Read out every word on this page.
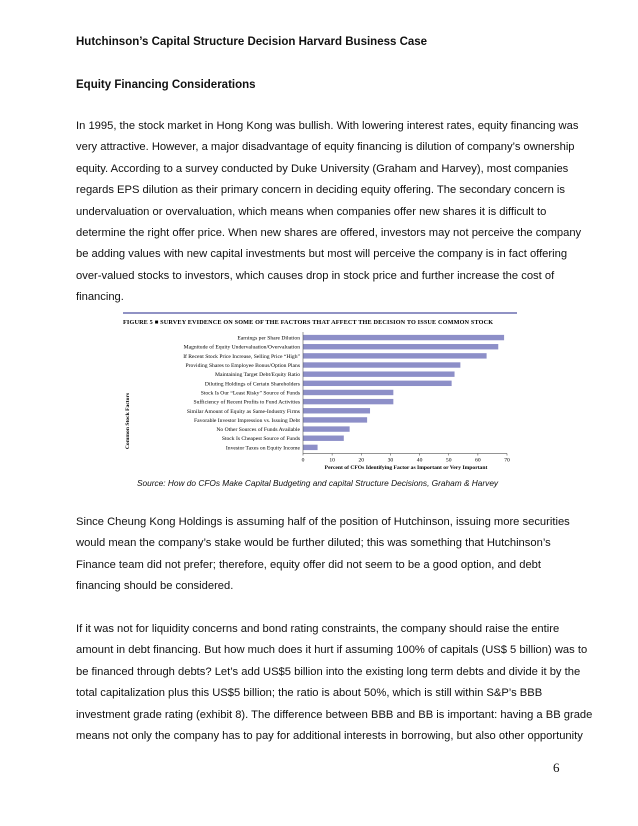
Hutchinson’s Capital Structure Decision Harvard Business Case
Equity Financing Considerations
In 1995, the stock market in Hong Kong was bullish. With lowering interest rates, equity financing was
very attractive. However, a major disadvantage of equity financing is dilution of company’s ownership
equity. According to a survey conducted by Duke University (Graham and Harvey), most companies
regards EPS dilution as their primary concern in deciding equity offering. The secondary concern is
undervaluation or overvaluation, which means when companies offer new shares it is difficult to
determine the right offer price. When new shares are offered, investors may not perceive the company
be adding values with new capital investments but most will perceive the company is in fact offering
over-valued stocks to investors, which causes drop in stock price and further increase the cost of
financing.
FIGURE 5 ■ SURVEY EVIDENCE ON SOME OF THE FACTORS THAT AFFECT THE DECISION TO ISSUE COMMON STOCK
Common Stock Factors
Percent of CFOs Identifying Factor as Important or Very Important
Earnings per Share Dilution
Magnitude of Equity Undervaluation/Overvaluation
If Recent Stock Price Increase, Selling Price “High”
Providing Shares to Employee Bonus/Option Plans
Maintaining Target Debt/Equity Ratio
Diluting Holdings of Certain Shareholders
Stock Is Our “Least Risky” Source of Funds
Sufficiency of Recent Profits to Fund Activities
Similar Amount of Equity as Same-Industry Firms
Favorable Investor Impression vs. Issuing Debt
No Other Sources of Funds Available
Stock Is Cheapest Source of Funds
Investor Taxes on Equity Income
0	10	20	30	40	50	60	70
Source: How do CFOs Make Capital Budgeting and capital Structure Decisions, Graham & Harvey
Since Cheung Kong Holdings is assuming half of the position of Hutchinson, issuing more securities
would mean the company’s stake would be further diluted; this was something that Hutchinson’s
Finance team did not prefer; therefore, equity offer did not seem to be a good option, and debt
financing should be considered.
If it was not for liquidity concerns and bond rating constraints, the company should raise the entire
amount in debt financing. But how much does it hurt if assuming 100% of capitals (US$ 5 billion) was to
be financed through debts? Let’s add US$5 billion into the existing long term debts and divide it by the
total capitalization plus this US$5 billion; the ratio is about 50%, which is still within S&P’s BBB
investment grade rating (exhibit 8). The difference between BBB and BB is important: having a BB grade
means not only the company has to pay for additional interests in borrowing, but also other opportunity
6
